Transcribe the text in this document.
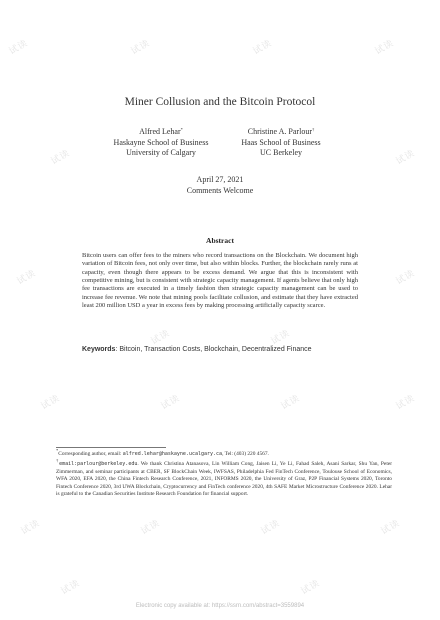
试读	试读	试读	试读
试读	试读
试读	试读
试读	试读
试读	试读	试读	试读
试读	试读	试读	试读
试读	试读
Miner Collusion and the Bitcoin Protocol
Alfred Lehar*
Haskayne School of Business
University of Calgary
Christine A. Parlour†
Haas School of Business
UC Berkeley
April 27, 2021
Comments Welcome
Abstract

Bitcoin users can offer fees to the miners who record transactions on the Blockchain. We document high variation of Bitcoin fees, not only over time, but also within blocks. Further, the blockchain rarely runs at capacity, even though there appears to be excess demand. We argue that this is inconsistent with competitive mining, but is consistent with strategic capacity management. If agents believe that only high fee transactions are executed in a timely fashion then strategic capacity management can be used to increase fee revenue. We note that mining pools facilitate collusion, and estimate that they have extracted least 200 million USD a year in excess fees by making processing artificially capacity scarce.

Keywords: Bitcoin, Transaction Costs, Blockchain, Decentralized Finance

*Corresponding author, email: alfred.lehar@haskayne.ucalgary.ca, Tel: (403) 220 4567.

†email:parlour@berkeley.edu. We thank Christina Atanasova, Lin William Cong, Jaisen Li, Ye Li, Fahad Saleh, Asani Sarkar, Shu Yan, Peter Zimmerman, and seminar participants at CBER, SF BlockChain Week, IWFSAS, Philadelphia Fed FinTech Conference, Toulouse School of Economics, WFA 2020, EFA 2020, the China Fintech Research Conference, 2021, INFORMS 2020, the University of Graz, P2P Financial Systems 2020, Toronto Fintech Conference 2020, 3rd UWA Blockchain, Cryptocurrency and FinTech conference 2020, 4th SAFE Market Microstructure Conference 2020. Lehar is grateful to the Canadian Securities Institute Research Foundation for financial support.

Electronic copy available at: https://ssrn.com/abstract=3559894
